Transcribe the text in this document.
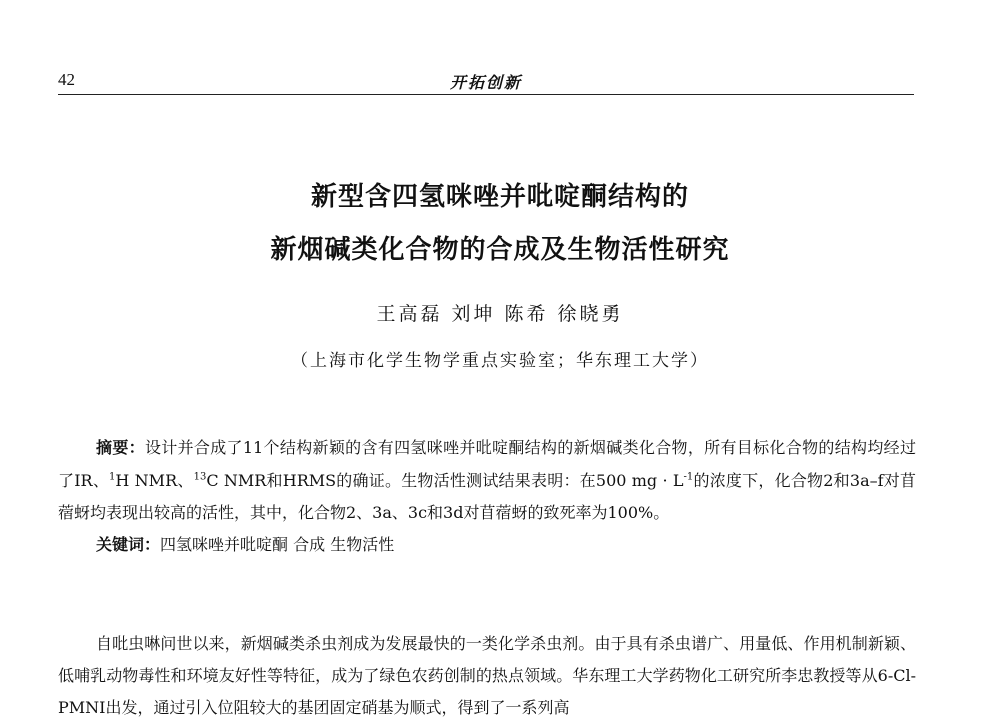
42	开拓创新
新型含四氢咪唑并吡啶酮结构的
新烟碱类化合物的合成及生物活性研究
王高磊 刘坤 陈希 徐晓勇
（上海市化学生物学重点实验室；华东理工大学）

摘要：设计并合成了11个结构新颖的含有四氢咪唑并吡啶酮结构的新烟碱类化合物，所有目标化合物的结构均经过了IR、$^1$H NMR、$^{13}$C NMR和HRMS的确证。生物活性测试结果表明：在500 mg · $L^{-1}$的浓度下，化合物2和3a–f对苜蓿蚜均表现出较高的活性，其中，化合物2、3a、3c和3d对苜蓿蚜的致死率为100%。

关键词：四氢咪唑并吡啶酮 合成 生物活性

自吡虫啉问世以来，新烟碱类杀虫剂成为发展最快的一类化学杀虫剂。由于具有杀虫谱广、用量低、作用机制新颖、低哺乳动物毒性和环境友好性等特征，成为了绿色农药创制的热点领域。华东理工大学药物化工研究所李忠教授等从6-Cl-PMNI出发，通过引入位阻较大的基团固定硝基为顺式，得到了一系列高
